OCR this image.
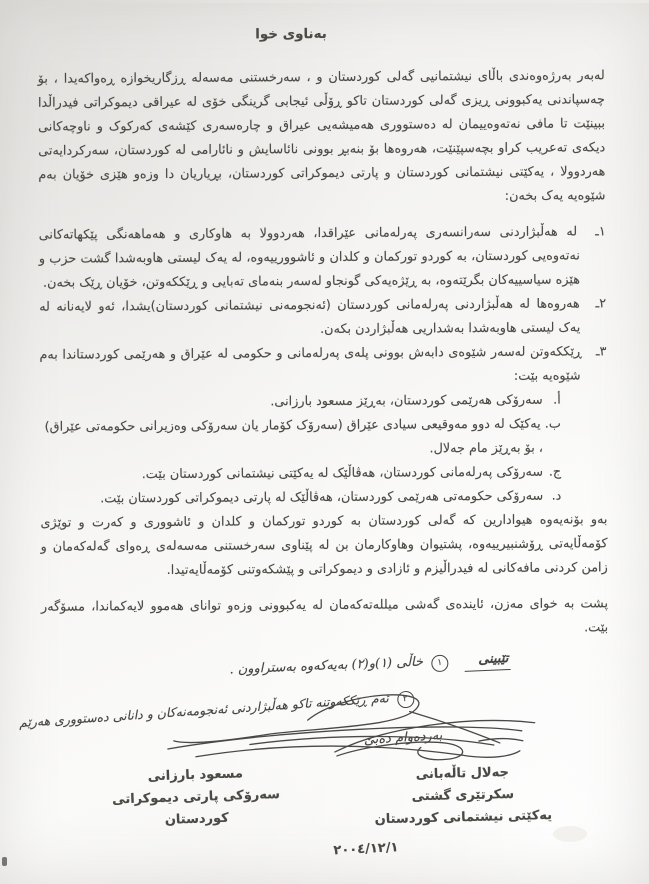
بەناوی خوا

لەبەر بەرژەوەندی باڵای نیشتمانیی گەلی کوردستان و ، سەرخستنی مەسەلە ڕزگاریخوازە ڕەواکەیدا ، بۆ چەسپاندنی یەکبوونی ڕیزی گەلی کوردستان تاکو ڕۆڵی ئیجابی گرینگی خۆی لە عیراقی دیموکراتی فیدراڵدا ببینێت تا مافی نەتەوەییمان لە دەستووری هەمیشەیی عیراق و چارەسەری کێشەی کەرکوک و ناوچەکانی دیکەی تەعریب کراو بچەسپێنێت، هەروەها بۆ بنەبڕ بوونی نائاسایش و نائارامی لە کوردستان، سەرکردایەتی هەردوولا ، یەکێتی نیشتمانی کوردستان و پارتی دیموکراتی کوردستان، بڕیاریان دا وزەو هێزی خۆیان بەم شێوەیە یەک بخەن:

١ـ لە هەڵبژاردنی سەرانسەری پەرلەمانی عێراقدا، هەردوولا بە هاوکاری و هەماهەنگی پێکهاتەکانی نەتەوەیی کوردستان، بە کوردو تورکمان و کلدان و ئاشوورییەوە، لە یەک لیستی هاوبەشدا گشت حزب و هێزە سیاسییەکان بگرێتەوە، بە ڕێژەیەکی گونجاو لەسەر بنەمای تەبایی و ڕێککەوتن، خۆیان ڕێک بخەن.
٢ـ هەروەها لە هەڵبژاردنی پەرلەمانی کوردستان (ئەنجومەنی نیشتمانی کوردستان)یشدا، ئەو لایەنانە لە یەک لیستی هاوبەشدا بەشداریی هەڵبژاردن بکەن.
٣ـ ڕێککەوتن لەسەر شێوەی دابەش بوونی پلەی پەرلەمانی و حکومی لە عێراق و هەرێمی کوردستاندا بەم شێوەیە بێت:
أ. سەرۆکی هەرێمی کوردستان، بەڕێز مسعود بارزانی.
ب. یەکێک لە دوو مەوقیعی سیادی عێراق (سەرۆک کۆمار یان سەرۆکی وەزیرانی حکومەتی عێراق) ، بۆ بەڕێز مام جەلال.
ج. سەرۆکی پەرلەمانی کوردستان، هەڤاڵێک لە یەکێتی نیشتمانی کوردستان بێت.
د. سەرۆکی حکومەتی هەرێمی کوردستان، هەڤاڵێک لە پارتی دیموکراتی کوردستان بێت.

بەو بۆنەیەوە هیوادارین کە گەلی کوردستان بە کوردو تورکمان و کلدان و ئاشووری و کەرت و توێژی کۆمەڵایەتی ڕۆشنبیرییەوە، پشتیوان وهاوکارمان بن لە پێناوی سەرخستنی مەسەلەی ڕەوای گەلەکەمان و زامن کردنی مافەکانی لە فیدراڵیزم و ئازادی و دیموکراتی و پێشکەوتنی کۆمەڵایەتیدا.

پشت بە خوای مەزن، ئایندەی گەشی میللەتەکەمان لە یەکبوونی وزەو توانای هەموو لایەکماندا، مسۆگەر بێت.

تێبینی ١ خاڵی (١)و(٢) بەیەکەوە بەستراوون .
٢ ئەم ڕێککەوتنە تاکو هەڵبژاردنی ئەنجومەنەکان و دانانی دەستووری هەرێم
بەردەوام دەبێ
جەلال تاڵەبانی
سکرتێری گشتی
یەکێتی نیشتمانی کوردستان
مسعود بارزانی
سەرۆکی پارتی دیموکراتی
کوردستان
٢٠٠٤/١٢/١
